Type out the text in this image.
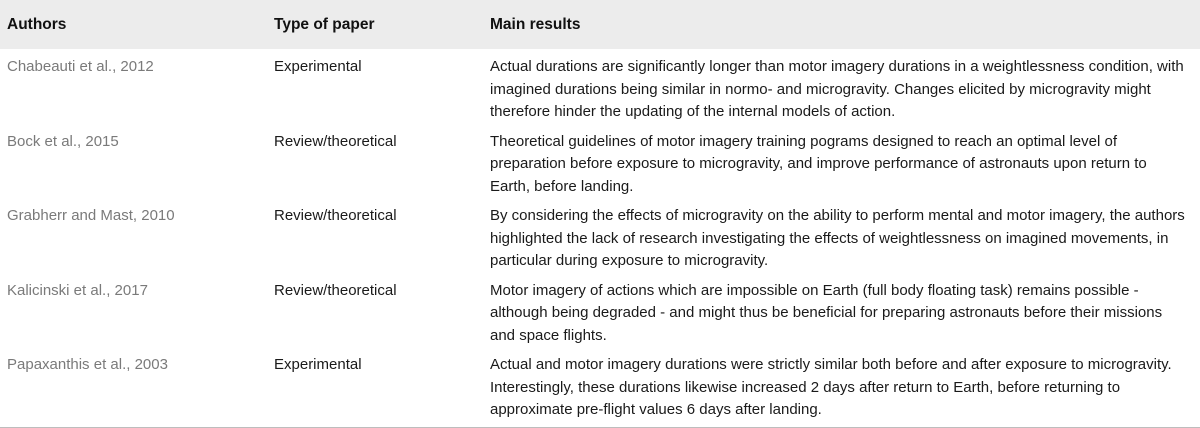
Authors	Type of paper	Main results
Chabeauti et al., 2012	Experimental	Actual durations are significantly longer than motor imagery durations in a weightlessness condition, with imagined durations being similar in normo- and microgravity. Changes elicited by microgravity might therefore hinder the updating of the internal models of action.
Bock et al., 2015	Review/theoretical	Theoretical guidelines of motor imagery training pograms designed to reach an optimal level of preparation before exposure to microgravity, and improve performance of astronauts upon return to Earth, before landing.
Grabherr and Mast, 2010	Review/theoretical	By considering the effects of microgravity on the ability to perform mental and motor imagery, the authors highlighted the lack of research investigating the effects of weightlessness on imagined movements, in particular during exposure to microgravity.
Kalicinski et al., 2017	Review/theoretical	Motor imagery of actions which are impossible on Earth (full body floating task) remains possible - although being degraded - and might thus be beneficial for preparing astronauts before their missions and space flights.
Papaxanthis et al., 2003	Experimental	Actual and motor imagery durations were strictly similar both before and after exposure to microgravity. Interestingly, these durations likewise increased 2 days after return to Earth, before returning to approximate pre-flight values 6 days after landing.
